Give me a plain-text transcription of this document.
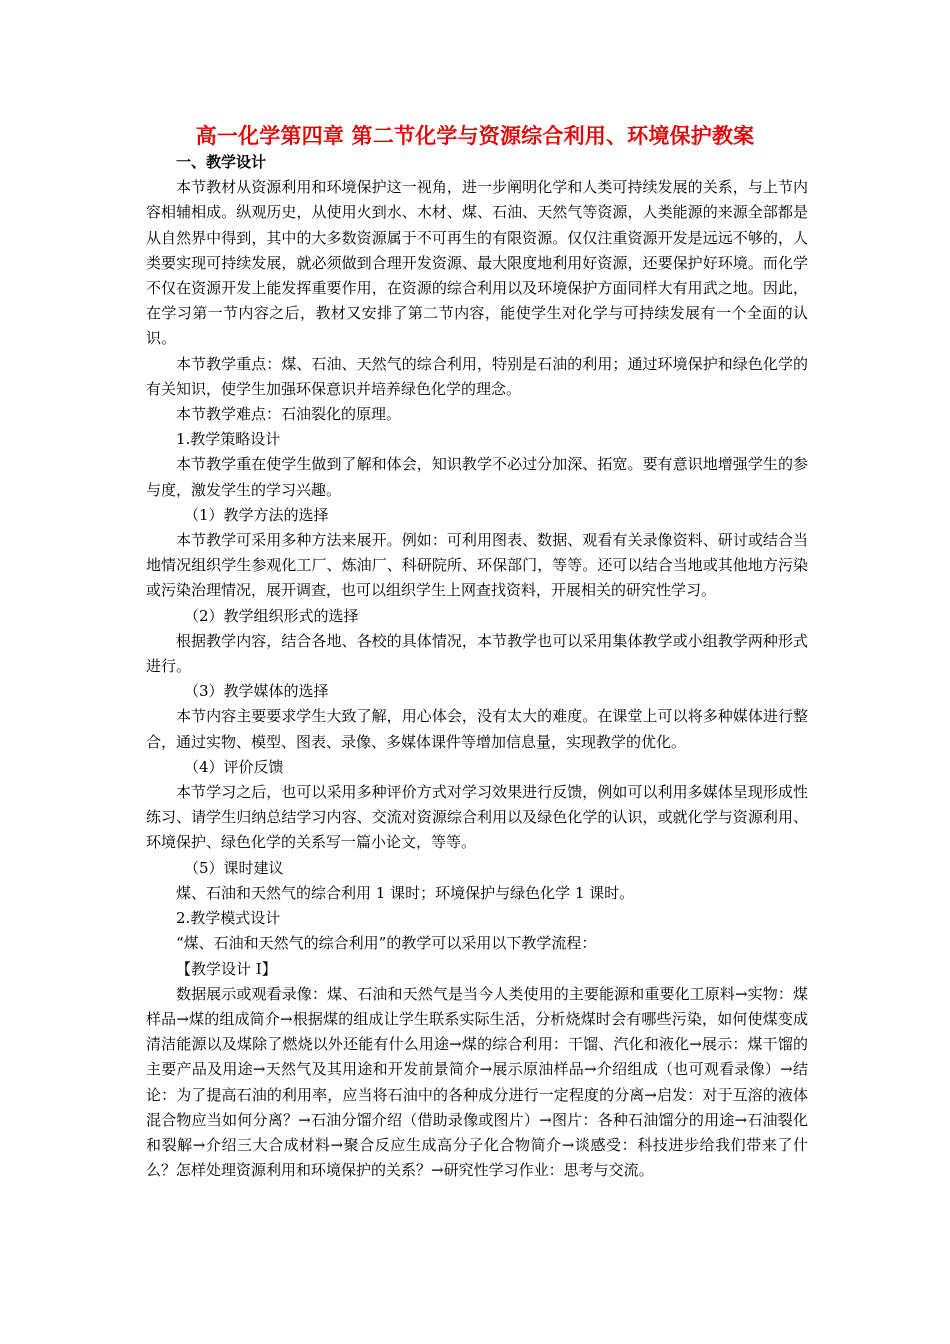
高一化学第四章 第二节化学与资源综合利用、环境保护教案

一、教学设计

本节教材从资源利用和环境保护这一视角，进一步阐明化学和人类可持续发展的关系，与上节内容相辅相成。纵观历史，从使用火到水、木材、煤、石油、天然气等资源，人类能源的来源全部都是从自然界中得到，其中的大多数资源属于不可再生的有限资源。仅仅注重资源开发是远远不够的，人类要实现可持续发展，就必须做到合理开发资源、最大限度地利用好资源，还要保护好环境。而化学不仅在资源开发上能发挥重要作用，在资源的综合利用以及环境保护方面同样大有用武之地。因此，在学习第一节内容之后，教材又安排了第二节内容，能使学生对化学与可持续发展有一个全面的认识。

本节教学重点：煤、石油、天然气的综合利用，特别是石油的利用；通过环境保护和绿色化学的有关知识，使学生加强环保意识并培养绿色化学的理念。

本节教学难点：石油裂化的原理。

1.教学策略设计

本节教学重在使学生做到了解和体会，知识教学不必过分加深、拓宽。要有意识地增强学生的参与度，激发学生的学习兴趣。

（1）教学方法的选择

本节教学可采用多种方法来展开。例如：可利用图表、数据、观看有关录像资料、研讨或结合当地情况组织学生参观化工厂、炼油厂、科研院所、环保部门，等等。还可以结合当地或其他地方污染或污染治理情况，展开调查，也可以组织学生上网查找资料，开展相关的研究性学习。

（2）教学组织形式的选择

根据教学内容，结合各地、各校的具体情况，本节教学也可以采用集体教学或小组教学两种形式进行。

（3）教学媒体的选择

本节内容主要要求学生大致了解，用心体会，没有太大的难度。在课堂上可以将多种媒体进行整合，通过实物、模型、图表、录像、多媒体课件等增加信息量，实现教学的优化。

（4）评价反馈

本节学习之后，也可以采用多种评价方式对学习效果进行反馈，例如可以利用多媒体呈现形成性练习、请学生归纳总结学习内容、交流对资源综合利用以及绿色化学的认识，或就化学与资源利用、环境保护、绿色化学的关系写一篇小论文，等等。

（5）课时建议

煤、石油和天然气的综合利用 1 课时；环境保护与绿色化学 1 课时。

2.教学模式设计

“煤、石油和天然气的综合利用”的教学可以采用以下教学流程：

【教学设计 I】

数据展示或观看录像：煤、石油和天然气是当今人类使用的主要能源和重要化工原料→实物：煤样品→煤的组成简介→根据煤的组成让学生联系实际生活，分析烧煤时会有哪些污染，如何使煤变成清洁能源以及煤除了燃烧以外还能有什么用途→煤的综合利用：干馏、汽化和液化→展示：煤干馏的主要产品及用途→天然气及其用途和开发前景简介→展示原油样品→介绍组成（也可观看录像）→结论：为了提高石油的利用率，应当将石油中的各种成分进行一定程度的分离→启发：对于互溶的液体混合物应当如何分离？→石油分馏介绍（借助录像或图片）→图片：各种石油馏分的用途→石油裂化和裂解→介绍三大合成材料→聚合反应生成高分子化合物简介→谈感受：科技进步给我们带来了什么？怎样处理资源利用和环境保护的关系？→研究性学习作业：思考与交流。
